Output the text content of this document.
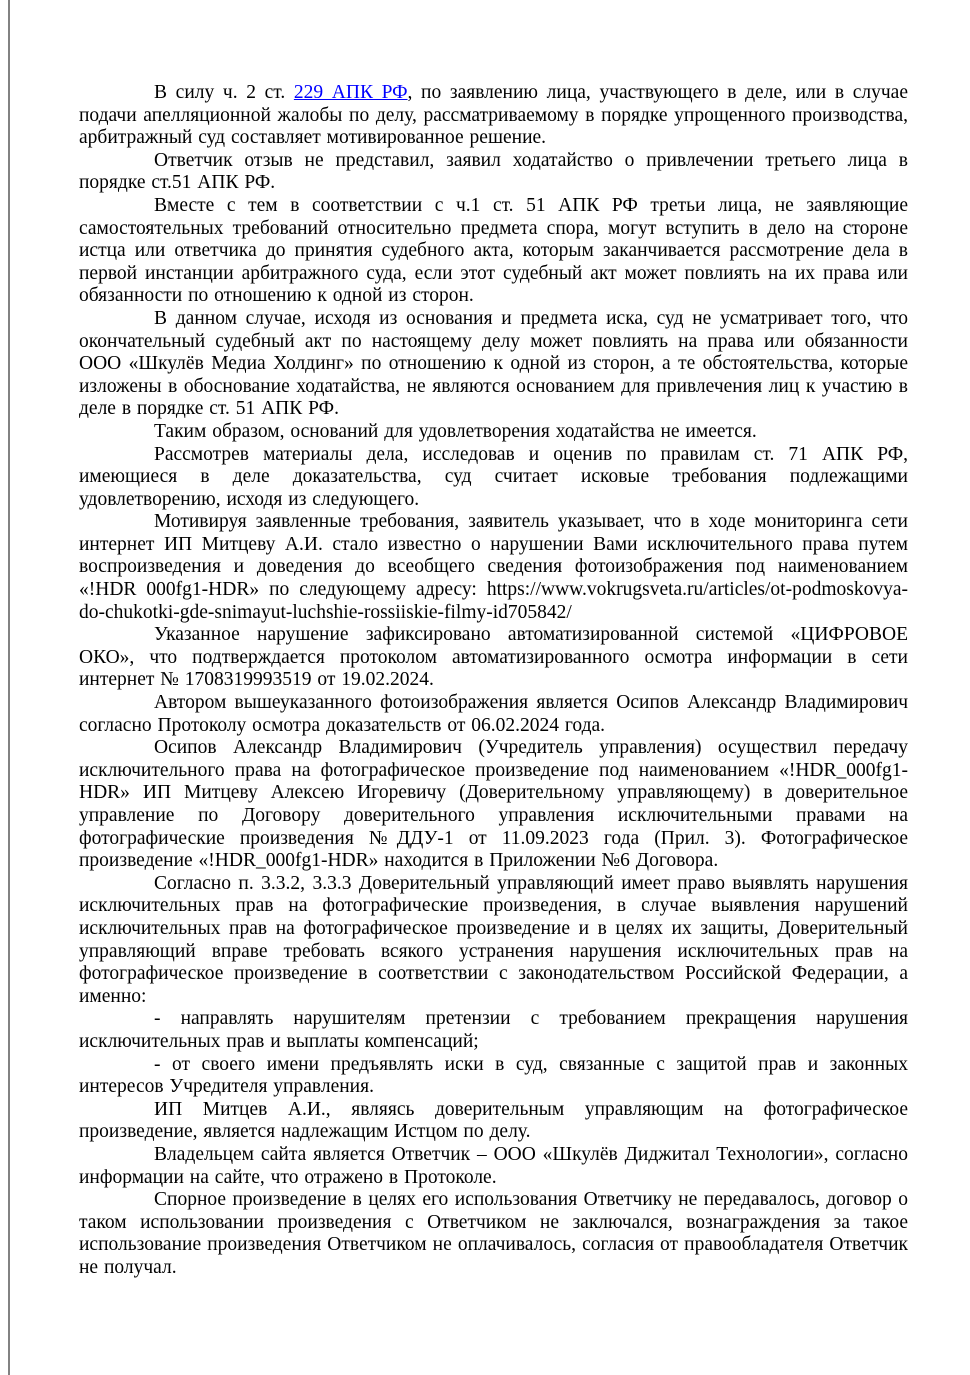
В силу ч. 2 ст. 229 АПК РФ, по заявлению лица, участвующего в деле, или в случае подачи апелляционной жалобы по делу, рассматриваемому в порядке упрощенного производства, арбитражный суд составляет мотивированное решение.

Ответчик отзыв не представил, заявил ходатайство о привлечении третьего лица в порядке ст.51 АПК РФ.

Вместе с тем в соответствии с ч.1 ст. 51 АПК РФ третьи лица, не заявляющие самостоятельных требований относительно предмета спора, могут вступить в дело на стороне истца или ответчика до принятия судебного акта, которым заканчивается рассмотрение дела в первой инстанции арбитражного суда, если этот судебный акт может повлиять на их права или обязанности по отношению к одной из сторон.

В данном случае, исходя из основания и предмета иска, суд не усматривает того, что окончательный судебный акт по настоящему делу может повлиять на права или обязанности ООО «Шкулёв Медиа Холдинг» по отношению к одной из сторон, а те обстоятельства, которые изложены в обоснование ходатайства, не являются основанием для привлечения лиц к участию в деле в порядке ст. 51 АПК РФ.

Таким образом, оснований для удовлетворения ходатайства не имеется.

Рассмотрев материалы дела, исследовав и оценив по правилам ст. 71 АПК РФ, имеющиеся в деле доказательства, суд считает исковые требования подлежащими удовлетворению, исходя из следующего.

Мотивируя заявленные требования, заявитель указывает, что в ходе мониторинга сети интернет ИП Митцеву А.И. стало известно о нарушении Вами исключительного права путем воспроизведения и доведения до всеобщего сведения фотоизображения под наименованием «!HDR 000fg1-HDR» по следующему адресу: https://www.vokrugsveta.ru/articles/ot-podmoskovya-do-chukotki-gde-snimayut-luchshie-rossiiskie-filmy-id705842/

Указанное нарушение зафиксировано автоматизированной системой «ЦИФРОВОЕ ОКО», что подтверждается протоколом автоматизированного осмотра информации в сети интернет № 1708319993519 от 19.02.2024.

Автором вышеуказанного фотоизображения является Осипов Александр Владимирович согласно Протоколу осмотра доказательств от 06.02.2024 года.

Осипов Александр Владимирович (Учредитель управления) осуществил передачу исключительного права на фотографическое произведение под наименованием «!HDR_000fg1-HDR» ИП Митцеву Алексею Игоревичу (Доверительному управляющему) в доверительное управление по Договору доверительного управления исключительными правами на фотографические произведения №ДДУ-1 от 11.09.2023 года (Прил. 3). Фотографическое произведение «!HDR_000fg1-HDR» находится в Приложении №6 Договора.

Согласно п. 3.3.2, 3.3.3 Доверительный управляющий имеет право выявлять нарушения исключительных прав на фотографические произведения, в случае выявления нарушений исключительных прав на фотографическое произведение и в целях их защиты, Доверительный управляющий вправе требовать всякого устранения нарушения исключительных прав на фотографическое произведение в соответствии с законодательством Российской Федерации, а именно:

- направлять нарушителям претензии с требованием прекращения нарушения исключительных прав и выплаты компенсаций;

- от своего имени предъявлять иски в суд, связанные с защитой прав и законных интересов Учредителя управления.

ИП Митцев А.И., являясь доверительным управляющим на фотографическое произведение, является надлежащим Истцом по делу.

Владельцем сайта является Ответчик – ООО «Шкулёв Диджитал Технологии», согласно информации на сайте, что отражено в Протоколе.

Спорное произведение в целях его использования Ответчику не передавалось, договор о таком использовании произведения с Ответчиком не заключался, вознаграждения за такое использование произведения Ответчиком не оплачивалось, согласия от правообладателя Ответчик не получал.
